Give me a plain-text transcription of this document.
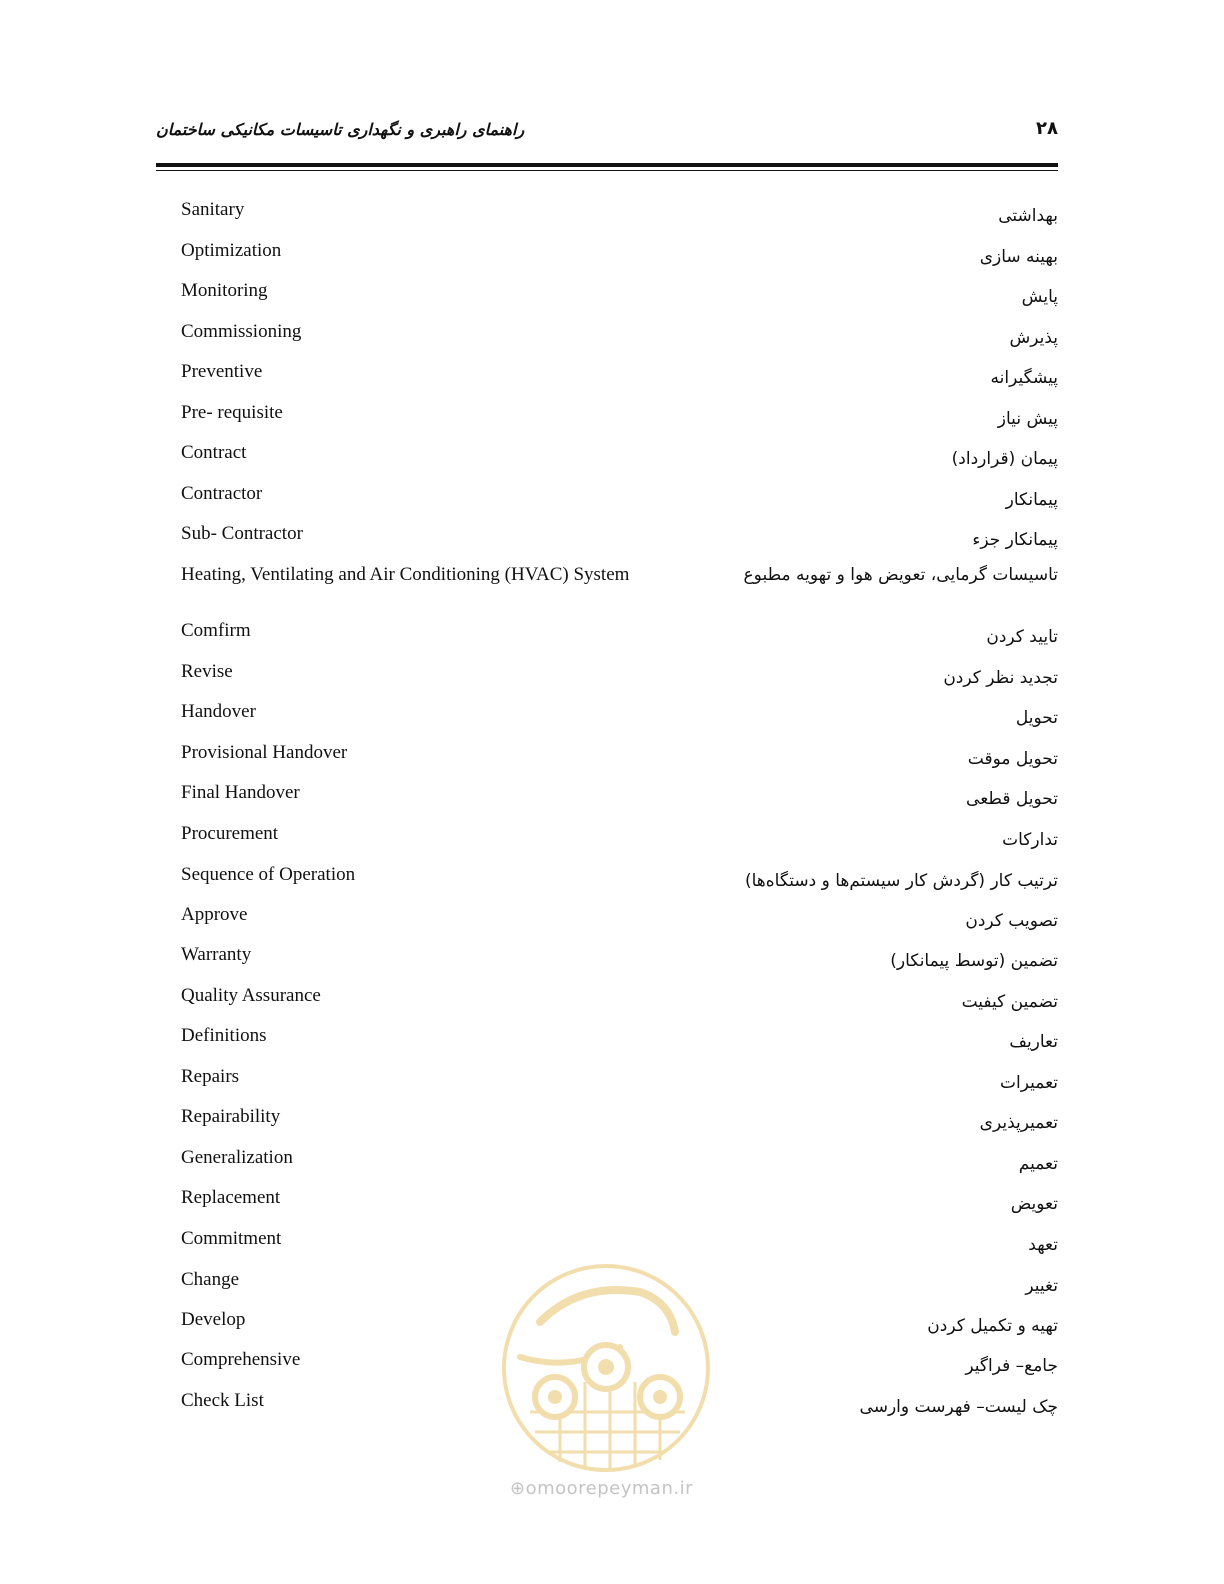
راهنمای راهبری و نگهداری تاسیسات مکانیکی ساختمان	۲۸
Sanitary	بهداشتی
Optimization	بهینه سازی
Monitoring	پایش
Commissioning	پذیرش
Preventive	پیشگیرانه
Pre- requisite	پیش نیاز
Contract	پیمان (قرارداد)
Contractor	پیمانکار
Sub- Contractor	پیمانکار جزء
Heating, Ventilating and Air Conditioning (HVAC) System	تاسیسات گرمایی، تعویض هوا و تهویه مطبوع
Comfirm	تایید کردن
Revise	تجدید نظر کردن
Handover	تحویل
Provisional Handover	تحویل موقت
Final Handover	تحویل قطعی
Procurement	تدارکات
Sequence of Operation	ترتیب کار (گردش کار سیستم‌ها و دستگاه‌ها)
Approve	تصویب کردن
Warranty	تضمین (توسط پیمانکار)
Quality Assurance	تضمین کیفیت
Definitions	تعاریف
Repairs	تعمیرات
Repairability	تعمیرپذیری
Generalization	تعمیم
Replacement	تعویض
Commitment	تعهد
Change	تغییر
Develop	تهیه و تکمیل کردن
Comprehensive	جامع– فراگیر
Check List	چک لیست– فهرست وارسی
⊕omoorepeyman.ir
